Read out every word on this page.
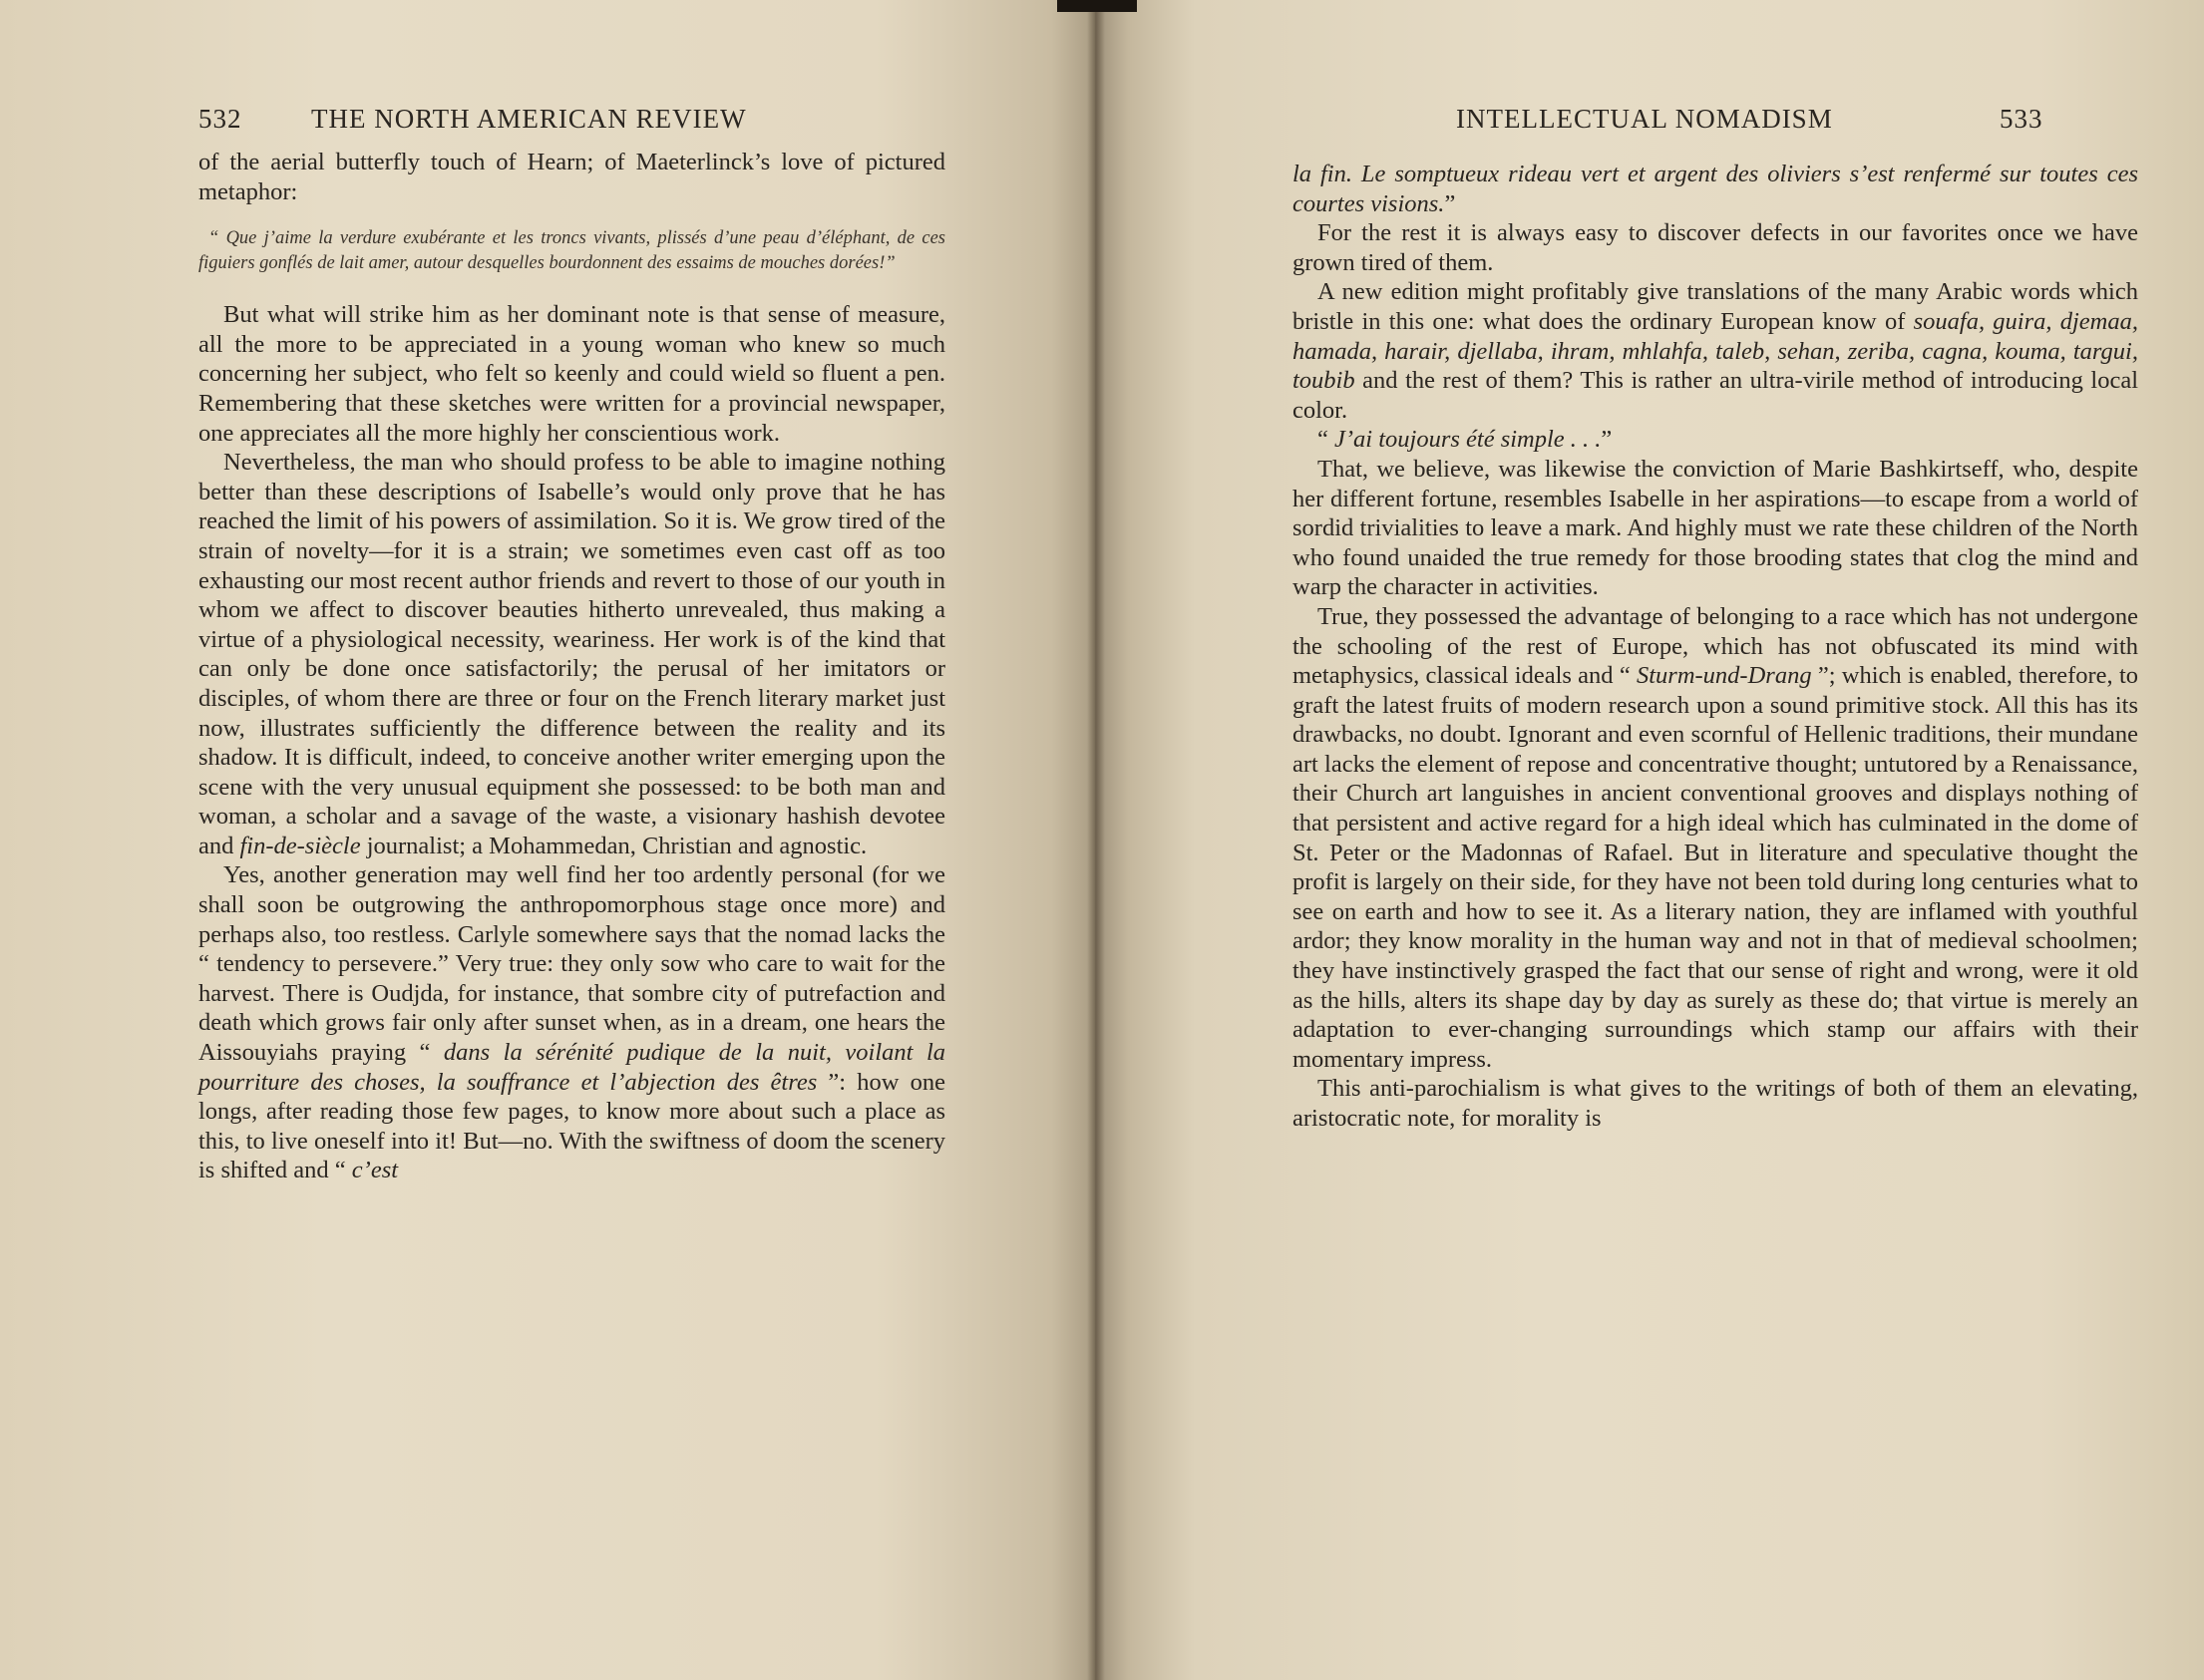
532	THE NORTH AMERICAN REVIEW

of the aerial butterfly touch of Hearn; of Maeterlinck’s love of pictured metaphor:

“ Que j’aime la verdure exubérante et les troncs vivants, plissés d’une peau d’éléphant, de ces figuiers gonflés de lait amer, autour desquelles bourdonnent des essaims de mouches dorées!”

But what will strike him as her dominant note is that sense of measure, all the more to be appreciated in a young woman who knew so much concerning her subject, who felt so keenly and could wield so fluent a pen. Remembering that these sketches were written for a provincial newspaper, one appreciates all the more highly her conscientious work.

Nevertheless, the man who should profess to be able to imagine nothing better than these descriptions of Isabelle’s would only prove that he has reached the limit of his powers of assimilation. So it is. We grow tired of the strain of novelty—for it is a strain; we sometimes even cast off as too exhausting our most recent author friends and revert to those of our youth in whom we affect to discover beauties hitherto unrevealed, thus making a virtue of a physiological necessity, weariness. Her work is of the kind that can only be done once satisfactorily; the perusal of her imitators or disciples, of whom there are three or four on the French literary market just now, illustrates sufficiently the difference between the reality and its shadow. It is difficult, indeed, to conceive another writer emerging upon the scene with the very unusual equipment she possessed: to be both man and woman, a scholar and a savage of the waste, a visionary hashish devotee and fin-de-siècle journalist; a Mohammedan, Christian and agnostic.

Yes, another generation may well find her too ardently personal (for we shall soon be outgrowing the anthropomorphous stage once more) and perhaps also, too restless. Carlyle somewhere says that the nomad lacks the “ tendency to persevere.” Very true: they only sow who care to wait for the harvest. There is Oudjda, for instance, that sombre city of putrefaction and death which grows fair only after sunset when, as in a dream, one hears the Aissouyiahs praying “ dans la sérénité pudique de la nuit, voilant la pourriture des choses, la souffrance et l’abjection des êtres ”: how one longs, after reading those few pages, to know more about such a place as this, to live oneself into it! But—no. With the swiftness of doom the scenery is shifted and “ c’est

INTELLECTUAL NOMADISM	533

la fin. Le somptueux rideau vert et argent des oliviers s’est renfermé sur toutes ces courtes visions.”

For the rest it is always easy to discover defects in our favorites once we have grown tired of them.

A new edition might profitably give translations of the many Arabic words which bristle in this one: what does the ordinary European know of souafa, guira, djemaa, hamada, harair, djellaba, ihram, mhlahfa, taleb, sehan, zeriba, cagna, kouma, targui, toubib and the rest of them? This is rather an ultra-virile method of introducing local color.

“ J’ai toujours été simple . . .”

That, we believe, was likewise the conviction of Marie Bashkirtseff, who, despite her different fortune, resembles Isabelle in her aspirations—to escape from a world of sordid trivialities to leave a mark. And highly must we rate these children of the North who found unaided the true remedy for those brooding states that clog the mind and warp the character in activities.

True, they possessed the advantage of belonging to a race which has not undergone the schooling of the rest of Europe, which has not obfuscated its mind with metaphysics, classical ideals and “ Sturm-und-Drang ”; which is enabled, therefore, to graft the latest fruits of modern research upon a sound primitive stock. All this has its drawbacks, no doubt. Ignorant and even scornful of Hellenic traditions, their mundane art lacks the element of repose and concentrative thought; untutored by a Renaissance, their Church art languishes in ancient conventional grooves and displays nothing of that persistent and active regard for a high ideal which has culminated in the dome of St. Peter or the Madonnas of Rafael. But in literature and speculative thought the profit is largely on their side, for they have not been told during long centuries what to see on earth and how to see it. As a literary nation, they are inflamed with youthful ardor; they know morality in the human way and not in that of medieval schoolmen; they have instinctively grasped the fact that our sense of right and wrong, were it old as the hills, alters its shape day by day as surely as these do; that virtue is merely an adaptation to ever-changing surroundings which stamp our affairs with their momentary impress.

This anti-parochialism is what gives to the writings of both of them an elevating, aristocratic note, for morality is
